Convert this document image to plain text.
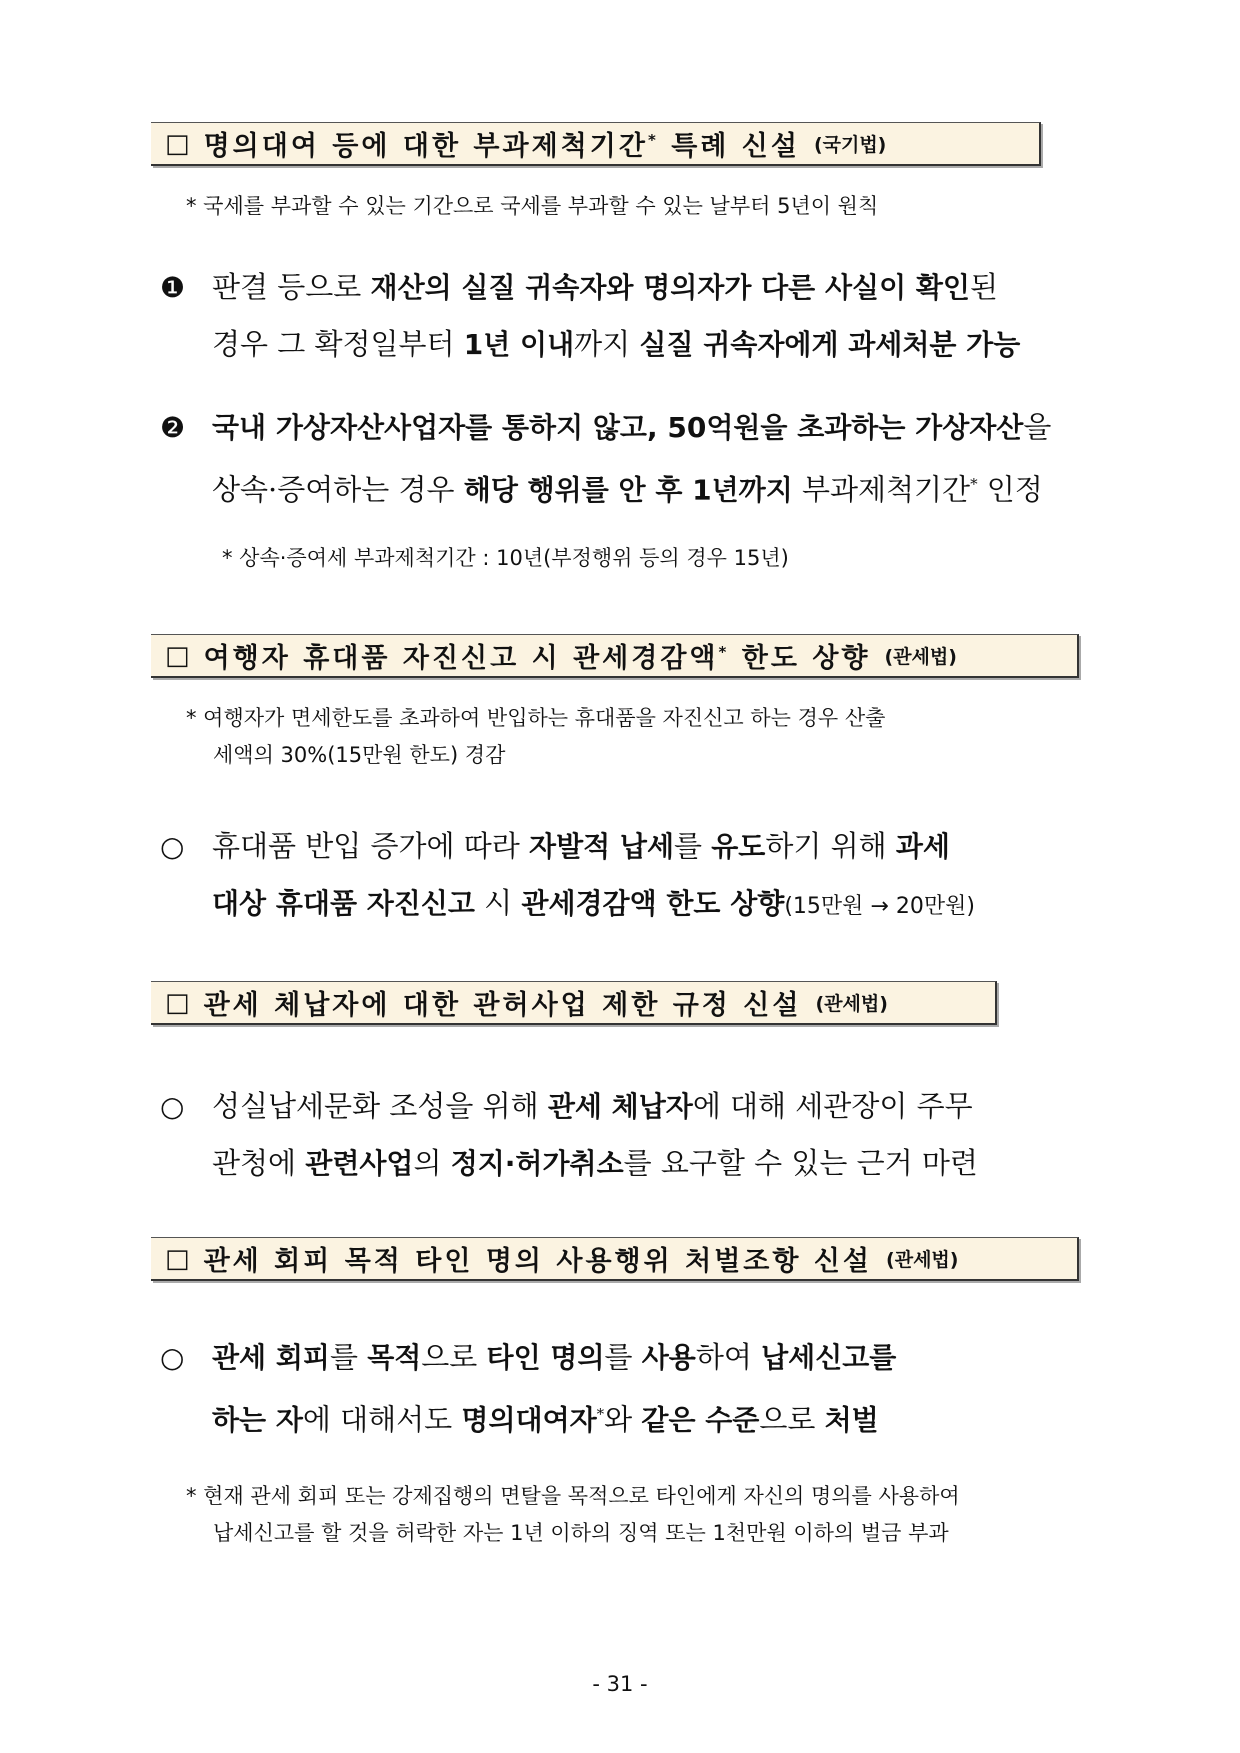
□ 명의대여 등에 대한 부과제척기간* 특례 신설 (국기법)
* 국세를 부과할 수 있는 기간으로 국세를 부과할 수 있는 날부터 5년이 원칙
❶ 판결 등으로 재산의 실질 귀속자와 명의자가 다른 사실이 확인된
경우 그 확정일부터 1년 이내까지 실질 귀속자에게 과세처분 가능
❷ 국내 가상자산사업자를 통하지 않고, 50억원을 초과하는 가상자산을
상속·증여하는 경우 해당 행위를 안 후 1년까지 부과제척기간* 인정
* 상속·증여세 부과제척기간 : 10년(부정행위 등의 경우 15년)
□ 여행자 휴대품 자진신고 시 관세경감액* 한도 상향 (관세법)
* 여행자가 면세한도를 초과하여 반입하는 휴대품을 자진신고 하는 경우 산출
세액의 30%(15만원 한도) 경감
○ 휴대품 반입 증가에 따라 자발적 납세를 유도하기 위해 과세
대상 휴대품 자진신고 시 관세경감액 한도 상향(15만원 → 20만원)
□ 관세 체납자에 대한 관허사업 제한 규정 신설 (관세법)
○ 성실납세문화 조성을 위해 관세 체납자에 대해 세관장이 주무
관청에 관련사업의 정지·허가취소를 요구할 수 있는 근거 마련
□ 관세 회피 목적 타인 명의 사용행위 처벌조항 신설 (관세법)
○ 관세 회피를 목적으로 타인 명의를 사용하여 납세신고를
하는 자에 대해서도 명의대여자*와 같은 수준으로 처벌
* 현재 관세 회피 또는 강제집행의 면탈을 목적으로 타인에게 자신의 명의를 사용하여
납세신고를 할 것을 허락한 자는 1년 이하의 징역 또는 1천만원 이하의 벌금 부과
- 31 -
